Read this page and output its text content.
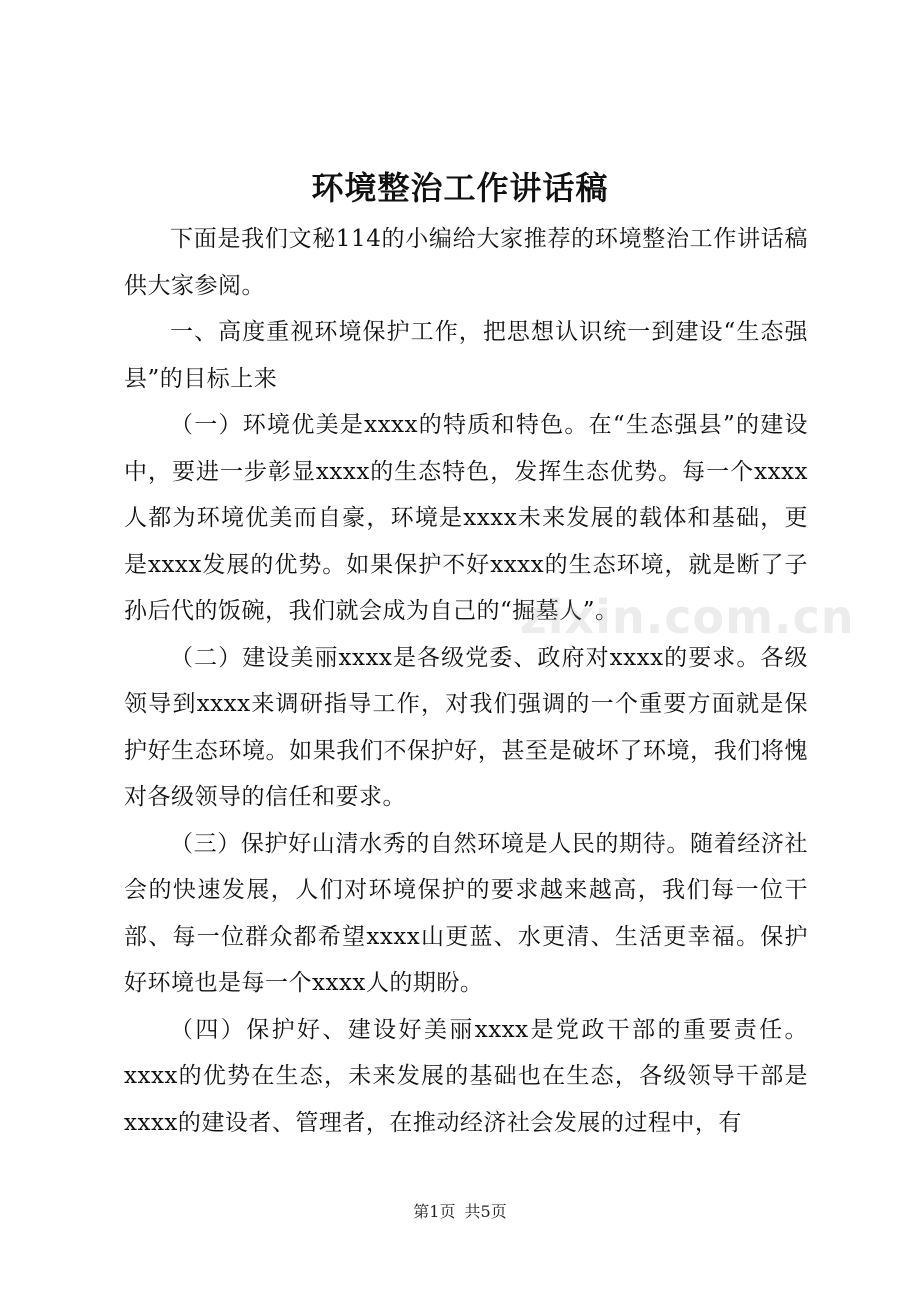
环境整治工作讲话稿

下面是我们文秘114的小编给大家推荐的环境整治工作讲话稿供大家参阅。

一、高度重视环境保护工作，把思想认识统一到建设“生态强县”的目标上来

（一）环境优美是xxxx的特质和特色。在“生态强县”的建设中，要进一步彰显xxxx的生态特色，发挥生态优势。每一个xxxx人都为环境优美而自豪，环境是xxxx未来发展的载体和基础，更是xxxx发展的优势。如果保护不好xxxx的生态环境，就是断了子孙后代的饭碗，我们就会成为自己的“掘墓人”。

（二）建设美丽xxxx是各级党委、政府对xxxx的要求。各级领导到xxxx来调研指导工作，对我们强调的一个重要方面就是保护好生态环境。如果我们不保护好，甚至是破坏了环境，我们将愧对各级领导的信任和要求。

（三）保护好山清水秀的自然环境是人民的期待。随着经济社会的快速发展，人们对环境保护的要求越来越高，我们每一位干部、每一位群众都希望xxxx山更蓝、水更清、生活更幸福。保护好环境也是每一个xxxx人的期盼。

（四）保护好、建设好美丽xxxx是党政干部的重要责任。xxxx的优势在生态，未来发展的基础也在生态，各级领导干部是xxxx的建设者、管理者，在推动经济社会发展的过程中，有

zixin.com.cn
第1页 共5页
